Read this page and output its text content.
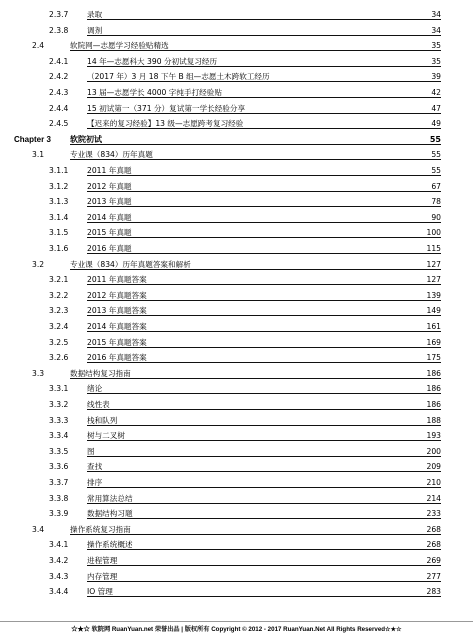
2.3.7 录取	34
2.3.8 调剂	34
2.4	软院网—志愿学习经验贴精选	35
2.4.1 14 年—志愿科大 390 分初试复习经历	35
2.4.2 （2017 年）3 月 18 下午 B 组—志愿土木跨软工经历	39
2.4.3 13 届—志愿学长 4000 字纯手打经验贴	42
2.4.4 15 初试第一（371 分）复试第一学长经验分享	47
2.4.5 【迟来的复习经验】13 级—志愿跨考复习经验	49
Chapter 3 软院初试	55
3.1	专业课（834）历年真题	55
3.1.1 2011 年真题	55
3.1.2 2012 年真题	67
3.1.3 2013 年真题	78
3.1.4 2014 年真题	90
3.1.5 2015 年真题	100
3.1.6 2016 年真题	115
3.2	专业课（834）历年真题答案和解析	127
3.2.1 2011 年真题答案	127
3.2.2 2012 年真题答案	139
3.2.3 2013 年真题答案	149
3.2.4 2014 年真题答案	161
3.2.5 2015 年真题答案	169
3.2.6 2016 年真题答案	175
3.3	数据结构复习指南	186
3.3.1 绪论	186
3.3.2 线性表	186
3.3.3 栈和队列	188
3.3.4 树与二叉树	193
3.3.5 图	200
3.3.6 查找	209
3.3.7 排序	210
3.3.8 常用算法总结	214
3.3.9 数据结构习题	233
3.4	操作系统复习指南	268
3.4.1 操作系统概述	268
3.4.2 进程管理	269
3.4.3 内存管理	277
3.4.4 IO 管理	283
☆★☆ 软院网 RuanYuan.net 荣誉出品 | 版权所有 Copyright © 2012 - 2017 RuanYuan.Net All Rights Reserved☆★☆
